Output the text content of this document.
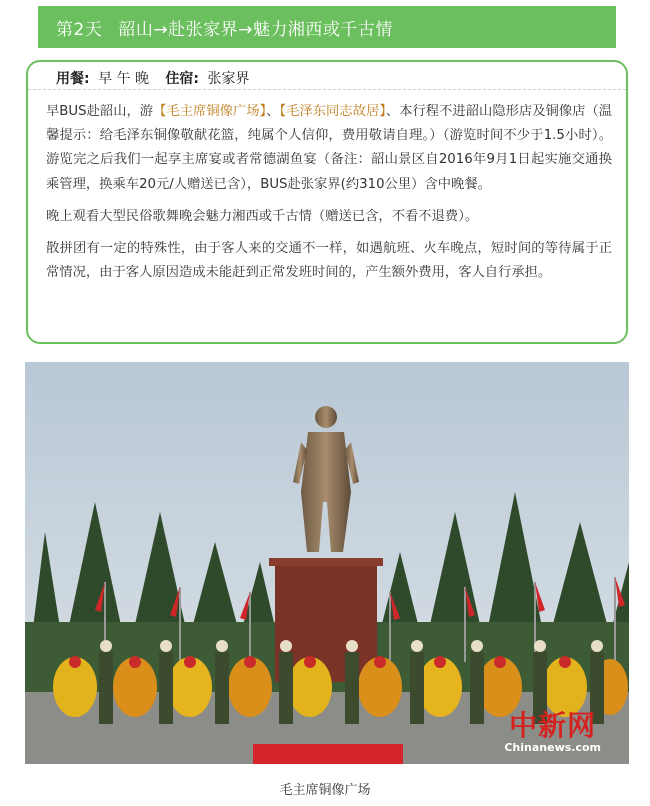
第2天 韶山→赴张家界→魅力湘西或千古情
用餐: 早 午 晚 住宿: 张家界

早BUS赴韶山，游【毛主席铜像广场】、【毛泽东同志故居】、本行程不进韶山隐形店及铜像店（温馨提示：给毛泽东铜像敬献花篮，纯属个人信仰，费用敬请自理。）（游览时间不少于1.5小时）。游览完之后我们一起享主席宴或者常德湖鱼宴（备注：韶山景区自2016年9月1日起实施交通换乘管理，换乘车20元/人赠送已含），BUS赴张家界(约310公里）含中晚餐。

晚上观看大型民俗歌舞晚会魅力湘西或千古情（赠送已含，不看不退费）。

散拼团有一定的特殊性，由于客人来的交通不一样，如遇航班、火车晚点，短时间的等待属于正常情况，由于客人原因造成未能赶到正常发班时间的，产生额外费用，客人自行承担。

中新网
Chinanews.com
毛主席铜像广场
